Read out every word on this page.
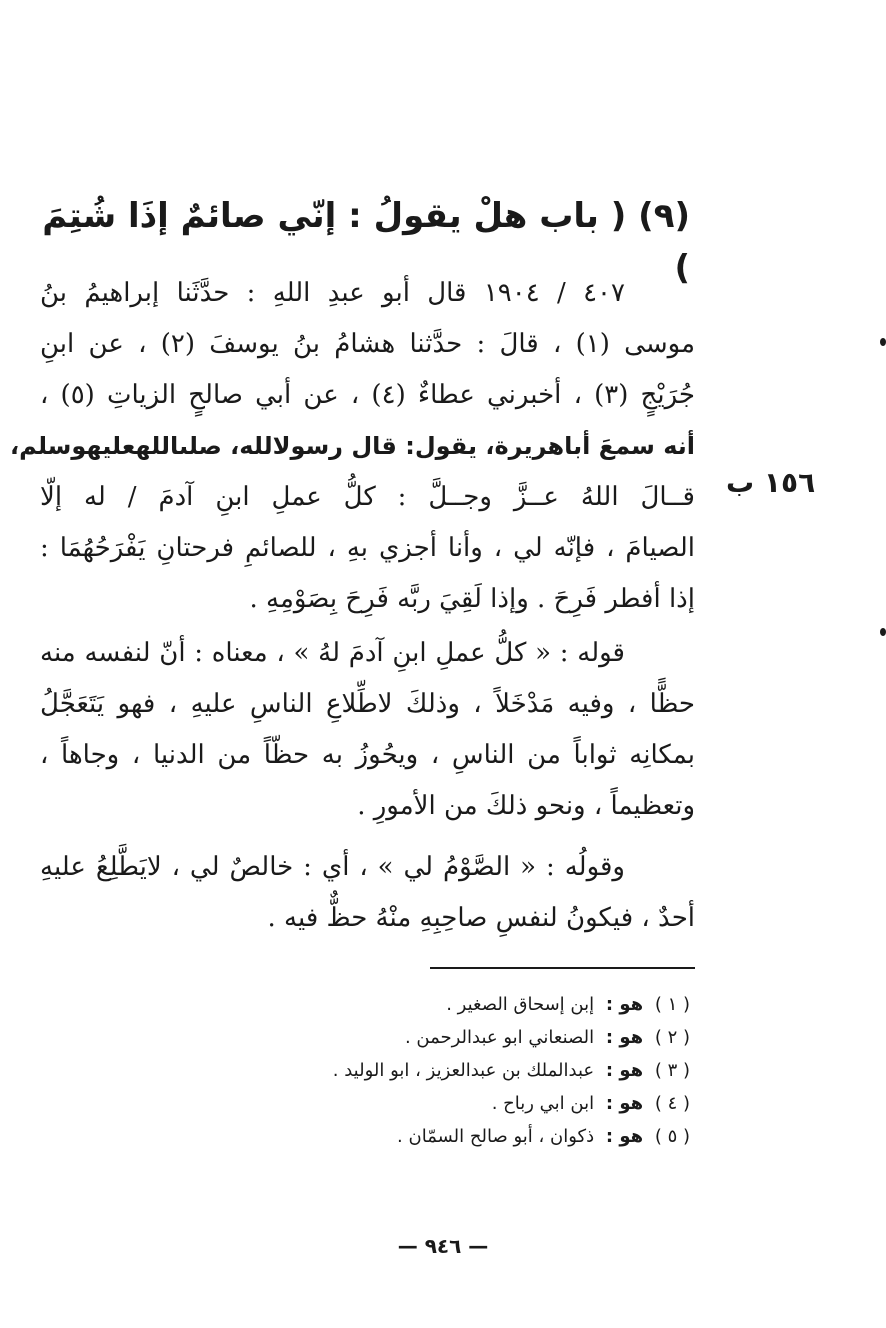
(٩) ( باب هلْ يقولُ : إنّي صائمٌ إذَا شُتِمَ )
١٥٦ ب
٤٠٧ / ١٩٠٤ قال أبو عبدِ اللهِ : حدَّثَنا إبراهيمُ بنُ
موسى (١) ، قالَ : حدَّثنا هشامُ بنُ يوسفَ (٢) ، عن ابنِ
جُرَيْجٍ (٣) ، أخبرني عطاءٌ (٤) ، عن أبي صالحٍ الزياتِ (٥) ،
أنه سمعَ أباهريرة، يقول: قال رسولالله، صلىاللهعليهوسلم،
قــالَ اللهُ عــزَّ وجــلَّ : كلُّ عملِ ابنِ آدمَ / له إلّا
الصيامَ ، فإنّه لي ، وأنا أجزي بهِ ، للصائمِ فرحتانِ يَفْرَحُهُمَا :
إذا أفطر فَرِحَ . وإذا لَقِيَ ربَّه فَرِحَ بِصَوْمِهِ .
قوله : « كلُّ عملِ ابنِ آدمَ لهُ » ، معناه : أنّ لنفسه منه
حظًّا ، وفيه مَدْخَلاً ، وذلكَ لاطِّلاعِ الناسِ عليهِ ، فهو يَتَعَجَّلُ
بمكانِه ثواباً من الناسِ ، ويحُوزُ به حظّاً من الدنيا ، وجاهاً ،
وتعظيماً ، ونحو ذلكَ من الأمورِ .
وقولُه : « الصَّوْمُ لي » ، أي : خالصٌ لي ، لايَطَّلِعُ عليهِ
أحدٌ ، فيكونُ لنفسِ صاحِبِهِ منْهُ حظٌّ فيه .
( ١ ) هو : إبن إسحاق الصغير .
( ٢ ) هو : الصنعاني ابو عبدالرحمن .
( ٣ ) هو : عبدالملك بن عبدالعزيز ، ابو الوليد .
( ٤ ) هو : ابن ابي رباح .
( ٥ ) هو : ذكوان ، أبو صالح السمّان .
— ٩٤٦ —
